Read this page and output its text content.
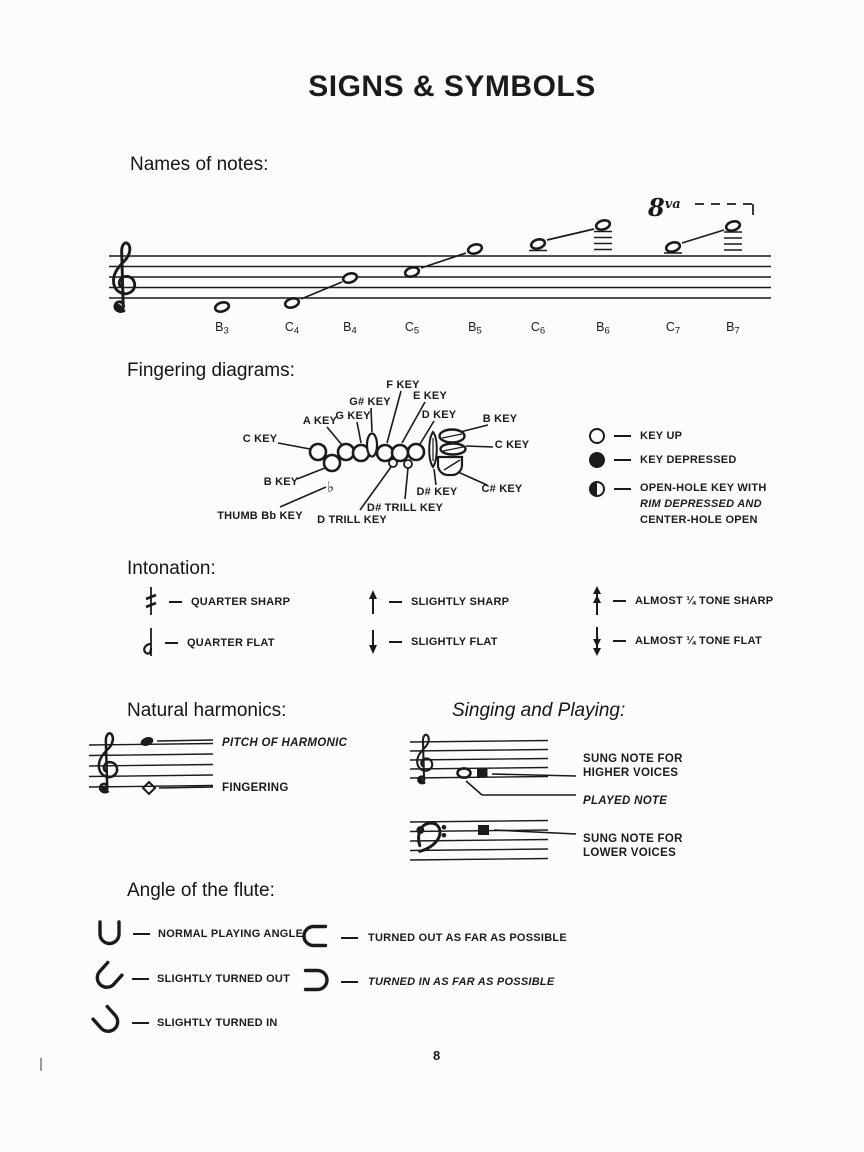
SIGNS & SYMBOLS
Names of notes:
$8^{va}$
$B_3$	$C_4$	$B_4$	$C_5$	$B_5$	$C_6$	$B_6$	$C_7$	$B_7$
Fingering diagrams:
♭
F KEY
E KEY
G# KEY
G KEY
A KEY	D KEY B KEY
C KEY	C KEY
B KEY
D# KEY C# KEY
D# TRILL KEY
D TRILL KEY
THUMB Bb KEY
KEY UP
KEY DEPRESSED
OPEN-HOLE KEY WITH
RIM DEPRESSED AND
CENTER-HOLE OPEN
Intonation:
QUARTER SHARP	SLIGHTLY SHARP	ALMOST ¼ TONE SHARP
QUARTER FLAT	SLIGHTLY FLAT	ALMOST ¼ TONE FLAT
Natural harmonics:
PITCH OF HARMONIC
FINGERING
Singing and Playing:
SUNG NOTE FOR
HIGHER VOICES
PLAYED NOTE
SUNG NOTE FOR
LOWER VOICES
Angle of the flute:
NORMAL PLAYING ANGLE	TURNED OUT AS FAR AS POSSIBLE
SLIGHTLY TURNED OUT	TURNED IN AS FAR AS POSSIBLE
SLIGHTLY TURNED IN
8
